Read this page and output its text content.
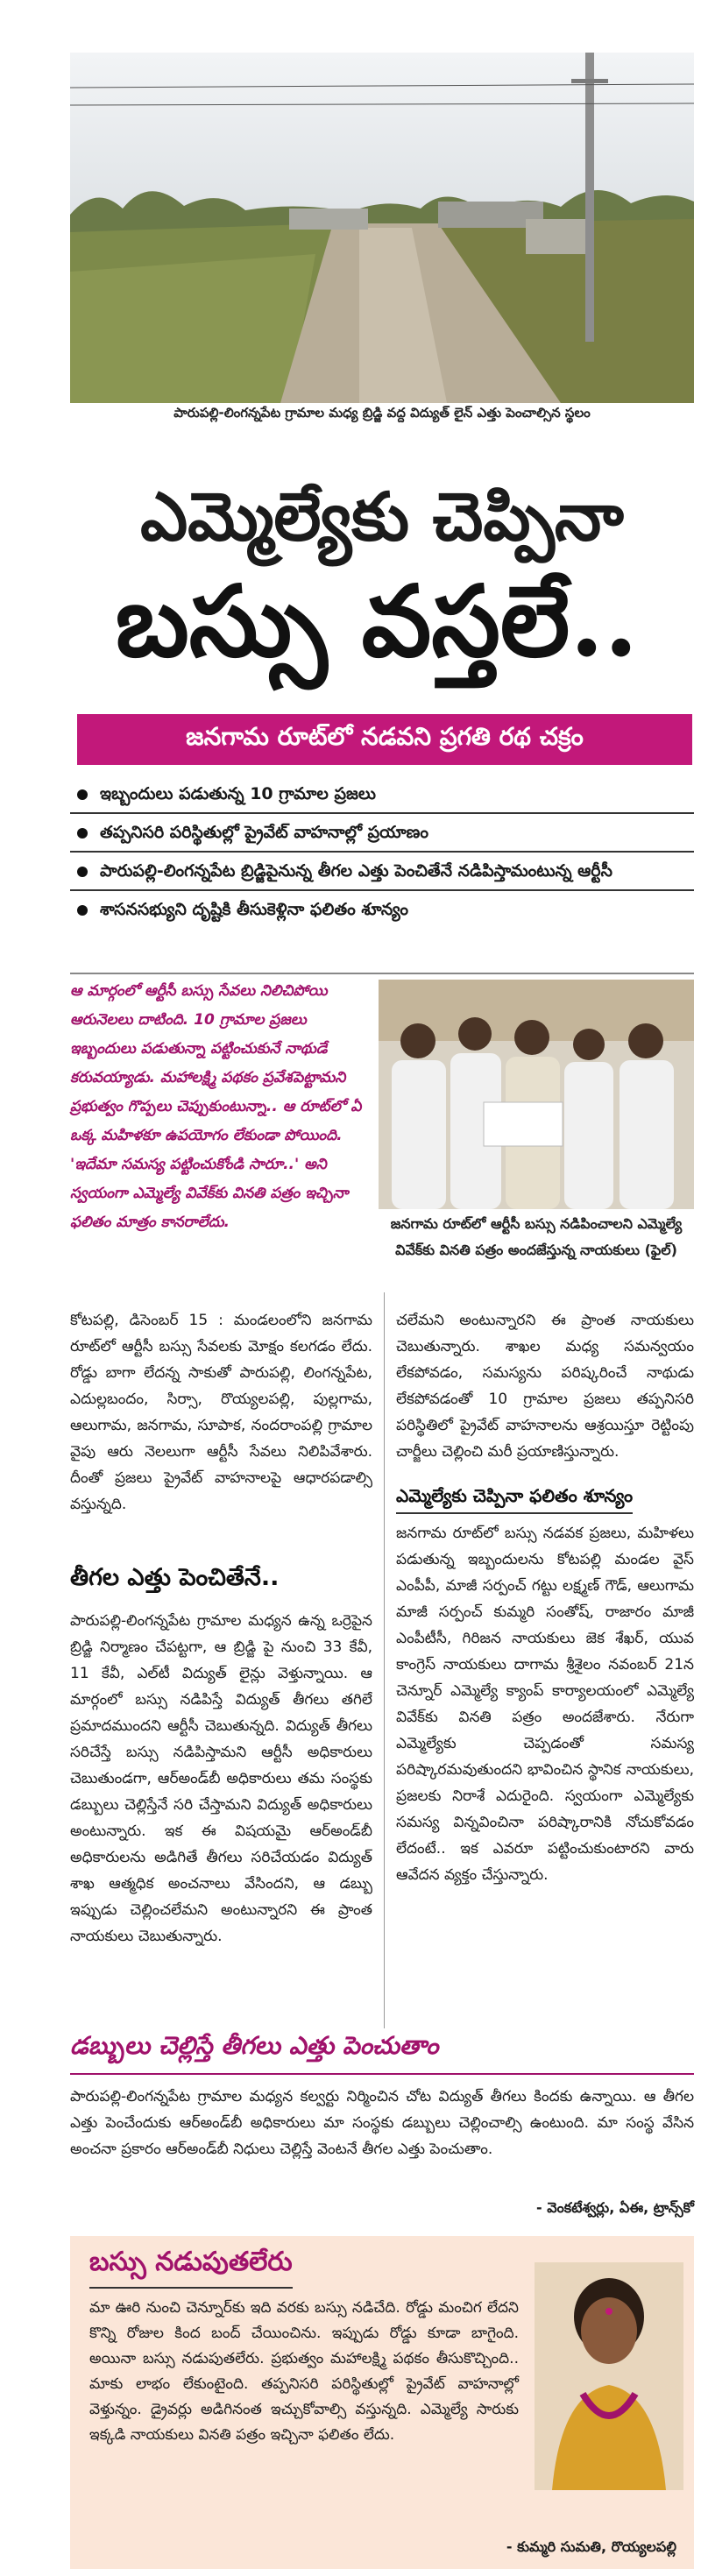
పారుపల్లి-లింగన్నపేట గ్రామాల మధ్య బ్రిడ్జి వద్ద విద్యుత్ లైన్ ఎత్తు పెంచాల్సిన స్థలం
ఎమ్మెల్యేకు చెప్పినా
బస్సు వస్తలే..
జనగామ రూట్‌లో నడవని ప్రగతి రథ చక్రం
ఇబ్బందులు పడుతున్న 10 గ్రామాల ప్రజలు
తప్పనిసరి పరిస్థితుల్లో ప్రైవేట్ వాహనాల్లో ప్రయాణం
పారుపల్లి-లింగన్నపేట బ్రిడ్జిపైనున్న తీగల ఎత్తు పెంచితేనే నడిపిస్తామంటున్న ఆర్టీసీ
శాసనసభ్యుని దృష్టికి తీసుకెళ్లినా ఫలితం శూన్యం
ఆ మార్గంలో ఆర్టీసీ బస్సు సేవలు నిలిచిపోయి ఆరునెలలు దాటింది. 10 గ్రామాల ప్రజలు ఇబ్బందులు పడుతున్నా పట్టించుకునే నాథుడే కరువయ్యాడు. మహాలక్ష్మి పథకం ప్రవేశపెట్టామని ప్రభుత్వం గొప్పలు చెప్పుకుంటున్నా.. ఆ రూట్‌లో ఏ ఒక్క మహిళకూ ఉపయోగం లేకుండా పోయింది. 'ఇదేమా సమస్య పట్టించుకోండి సారూ..' అని స్వయంగా ఎమ్మెల్యే వివేక్‌కు వినతి పత్రం ఇచ్చినా ఫలితం మాత్రం కానరాలేదు.	జనగామ రూట్‌లో ఆర్టీసీ బస్సు నడిపించాలని ఎమ్మెల్యే వివేక్‌కు వినతి పత్రం అందజేస్తున్న నాయకులు (ఫైల్)
కోటపల్లి, డిసెంబర్ 15 : మండలంలోని జనగామ రూట్‌లో ఆర్టీసీ బస్సు సేవలకు మోక్షం కలగడం లేదు. రోడ్డు బాగా లేదన్న సాకుతో పారుపల్లి, లింగన్నపేట, ఎదుల్లబందం, సిర్సా, రొయ్యలపల్లి, పుల్లగామ, ఆలుగామ, జనగామ, సూపాక, నందరాంపల్లి గ్రామాల వైపు ఆరు నెలలుగా ఆర్టీసీ సేవలు నిలిపివేశారు. దీంతో ప్రజలు ప్రైవేట్ వాహనాలపై ఆధారపడాల్సి వస్తున్నది.
తీగల ఎత్తు పెంచితేనే..
పారుపల్లి-లింగన్నపేట గ్రామాల మధ్యన ఉన్న ఒర్రెపైన బ్రిడ్జి నిర్మాణం చేపట్టగా, ఆ బ్రిడ్జి పై నుంచి 33 కేవీ, 11 కేవీ, ఎల్‌టీ విద్యుత్ లైన్లు వెళ్తున్నాయి. ఆ మార్గంలో బస్సు నడిపిస్తే విద్యుత్ తీగలు తగిలే ప్రమాదముందని ఆర్టీసీ చెబుతున్నది. విద్యుత్ తీగలు సరిచేస్తే బస్సు నడిపిస్తామని ఆర్టీసీ అధికారులు చెబుతుండగా, ఆర్‌అండ్‌బీ అధికారులు తమ సంస్థకు డబ్బులు చెల్లిస్తేనే సరి చేస్తామని విద్యుత్ అధికారులు అంటున్నారు. ఇక ఈ విషయమై ఆర్‌అండ్‌బీ అధికారులను అడిగితే తీగలు సరిచేయడం విద్యుత్ శాఖ ఆత్మధిక అంచనాలు వేసిందని, ఆ డబ్బు ఇప్పుడు చెల్లించలేమని అంటున్నారని ఈ ప్రాంత నాయకులు చెబుతున్నారు.
చలేమని అంటున్నారని ఈ ప్రాంత నాయకులు చెబుతున్నారు. శాఖల మధ్య సమన్వయం లేకపోవడం, సమస్యను పరిష్కరించే నాథుడు లేకపోవడంతో 10 గ్రామాల ప్రజలు తప్పనిసరి పరిస్థితిలో ప్రైవేట్ వాహనాలను ఆశ్రయిస్తూ రెట్టింపు చార్జీలు చెల్లించి మరీ ప్రయాణిస్తున్నారు.
ఎమ్మెల్యేకు చెప్పినా ఫలితం శూన్యం
జనగామ రూట్‌లో బస్సు నడవక ప్రజలు, మహిళలు పడుతున్న ఇబ్బందులను కోటపల్లి మండల వైస్ ఎంపీపీ, మాజీ సర్పంచ్ గట్టు లక్ష్మణ్ గౌడ్, ఆలుగామ మాజీ సర్పంచ్ కుమ్మరి సంతోష్, రాజారం మాజీ ఎంపీటీసీ, గిరిజన నాయకులు జెక శేఖర్, యువ కాంగ్రెస్ నాయకులు దాగామ శ్రీశైలం నవంబర్ 21న చెన్నూర్ ఎమ్మెల్యే క్యాంప్ కార్యాలయంలో ఎమ్మెల్యే వివేక్‌కు వినతి పత్రం అందజేశారు. నేరుగా ఎమ్మెల్యేకు చెప్పడంతో సమస్య పరిష్కారమవుతుందని భావించిన స్థానిక నాయకులు, ప్రజలకు నిరాశే ఎదురైంది. స్వయంగా ఎమ్మెల్యేకు సమస్య విన్నవించినా పరిష్కారానికి నోచుకోవడం లేదంటే.. ఇక ఎవరూ పట్టించుకుంటారని వారు ఆవేదన వ్యక్తం చేస్తున్నారు.
డబ్బులు చెల్లిస్తే తీగలు ఎత్తు పెంచుతాం
పారుపల్లి-లింగన్నపేట గ్రామాల మధ్యన కల్వర్టు నిర్మించిన చోట విద్యుత్ తీగలు కిందకు ఉన్నాయి. ఆ తీగల ఎత్తు పెంచేందుకు ఆర్‌అండ్‌బీ అధికారులు మా సంస్థకు డబ్బులు చెల్లించాల్సి ఉంటుంది. మా సంస్థ వేసిన అంచనా ప్రకారం ఆర్‌అండ్‌బీ నిధులు చెల్లిస్తే వెంటనే తీగల ఎత్తు పెంచుతాం.
- వెంకటేశ్వర్లు, ఏఈ, ట్రాన్స్‌కో
బస్సు నడుపుతలేరు
మా ఊరి నుంచి చెన్నూర్‌కు ఇది వరకు బస్సు నడిచేది. రోడ్డు మంచిగ లేదని కొన్ని రోజుల కింద బంద్ చేయించిను. ఇప్పుడు రోడ్డు కూడా బాగైంది. అయినా బస్సు నడుపుతలేరు. ప్రభుత్వం మహాలక్ష్మి పథకం తీసుకొచ్చింది.. మాకు లాభం లేకుంటైంది. తప్పనిసరి పరిస్థితుల్లో ప్రైవేట్ వాహనాల్లో వెళ్తున్నం. డ్రైవర్లు అడిగినంత ఇచ్చుకోవాల్సి వస్తున్నది. ఎమ్మెల్యే సారుకు ఇక్కడి నాయకులు వినతి పత్రం ఇచ్చినా ఫలితం లేదు.
- కుమ్మరి సుమతి, రొయ్యలపల్లి
